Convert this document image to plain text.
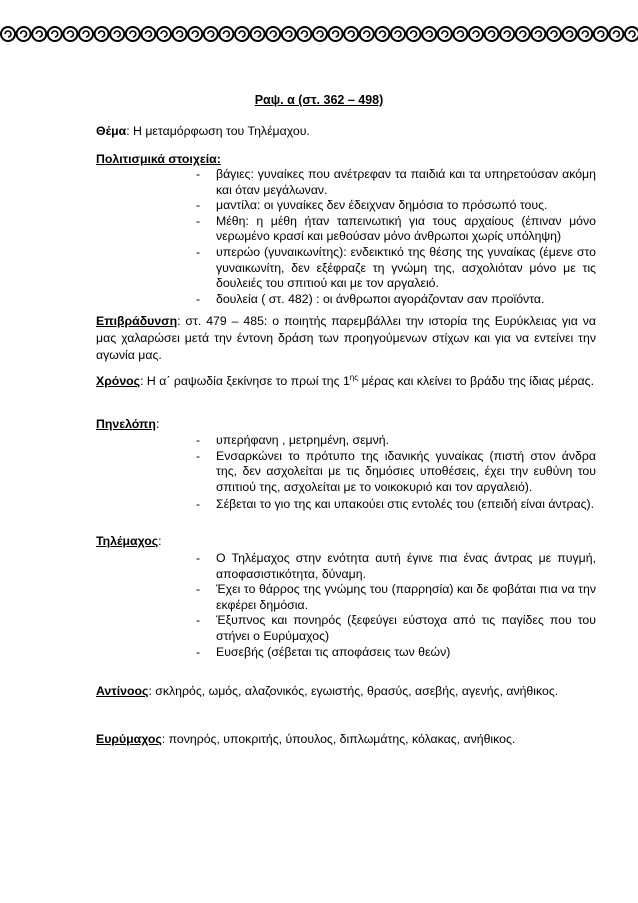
Ραψ. α (στ. 362 – 498)
Θέμα: Η μεταμόρφωση του Τηλέμαχου.
Πολιτισμικά στοιχεία:
- βάγιες: γυναίκες που ανέτρεφαν τα παιδιά και τα υπηρετούσαν ακόμη και όταν μεγάλωναν.
- μαντίλα: οι γυναίκες δεν έδειχναν δημόσια το πρόσωπό τους.
- Μέθη: η μέθη ήταν ταπεινωτική για τους αρχαίους (έπιναν μόνο νερωμένο κρασί και μεθούσαν μόνο άνθρωποι χωρίς υπόληψη)
- υπερώο (γυναικωνίτης): ενδεικτικό της θέσης της γυναίκας (έμενε στο γυναικωνίτη, δεν εξέφραζε τη γνώμη της, ασχολιόταν μόνο με τις δουλειές του σπιτιού και με τον αργαλειό.
- δουλεία ( στ. 482) : οι άνθρωποι αγοράζονταν σαν προϊόντα.
Επιβράδυνση: στ. 479 – 485: ο ποιητής παρεμβάλλει την ιστορία της Ευρύκλειας για να μας χαλαρώσει μετά την έντονη δράση των προηγούμενων στίχων και για να εντείνει την αγωνία μας.
Χρόνος: Η α΄ ραψωδία ξεκίνησε το πρωί της $1^{\eta\varsigma}$ μέρας και κλείνει το βράδυ της ίδιας μέρας.
Πηνελόπη:
- υπερήφανη , μετρημένη, σεμνή.
- Ενσαρκώνει το πρότυπο της ιδανικής γυναίκας (πιστή στον άνδρα της, δεν ασχολείται με τις δημόσιες υποθέσεις, έχει την ευθύνη του σπιτιού της, ασχολείται με το νοικοκυριό και τον αργαλειό).
- Σέβεται το γιο της και υπακούει στις εντολές του (επειδή είναι άντρας).
Τηλέμαχος:
- Ο Τηλέμαχος στην ενότητα αυτή έγινε πια ένας άντρας με πυγμή, αποφασιστικότητα, δύναμη.
- Έχει το θάρρος της γνώμης του (παρρησία) και δε φοβάται πια να την εκφέρει δημόσια.
- Έξυπνος και πονηρός (ξεφεύγει εύστοχα από τις παγίδες που του στήνει ο Ευρύμαχος)
- Ευσεβής (σέβεται τις αποφάσεις των θεών)
Αντίνοος: σκληρός, ωμός, αλαζονικός, εγωιστής, θρασύς, ασεβής, αγενής, ανήθικος.
Ευρύμαχος: πονηρός, υποκριτής, ύπουλος, διπλωμάτης, κόλακας, ανήθικος.
